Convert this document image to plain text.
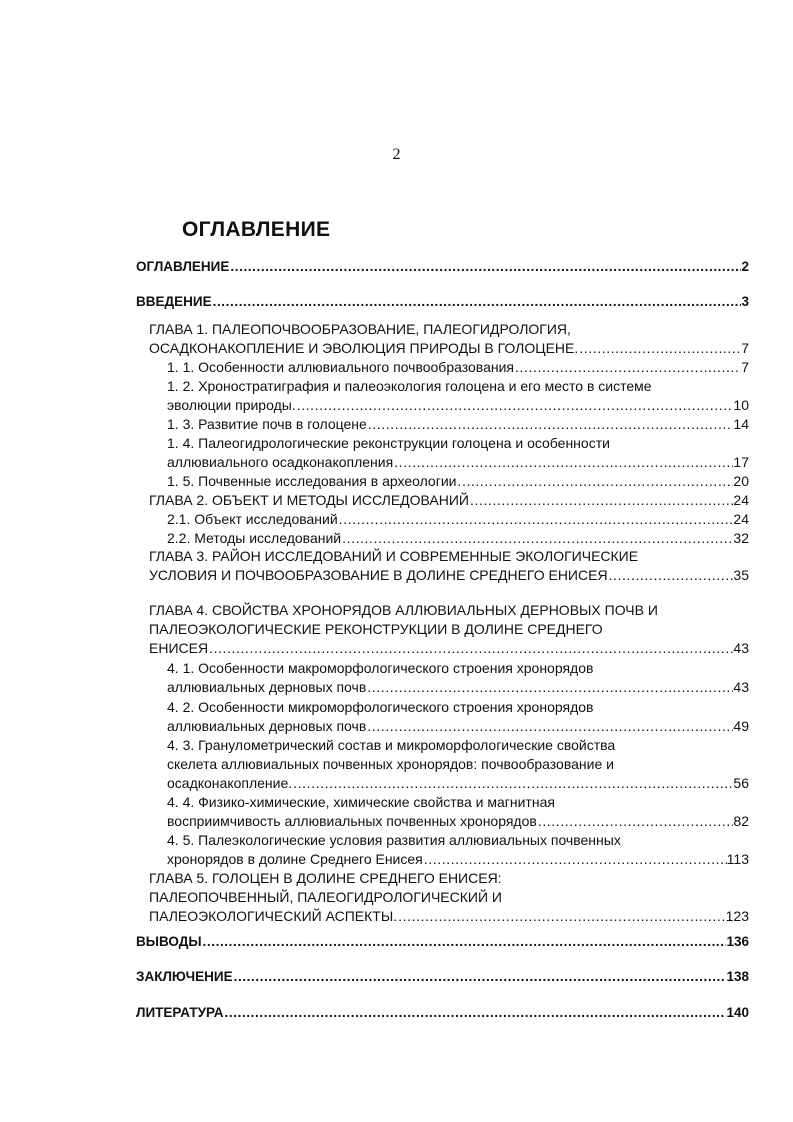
2
ОГЛАВЛЕНИЕ
ОГЛАВЛЕНИЕ .....	2
ВВЕДЕНИЕ .....	3
ГЛАВА 1. ПАЛЕОПОЧВООБРАЗОВАНИЕ, ПАЛЕОГИДРОЛОГИЯ,
ОСАДКОНАКОПЛЕНИЕ И ЭВОЛЮЦИЯ ПРИРОДЫ В ГОЛОЦЕНЕ. .....	7
1. 1. Особенности аллювиального почвообразования .....	7
1. 2. Хроностратиграфия и палеоэкология голоцена и его место в системе
эволюции природы. .....	10
1. 3. Развитие почв в голоцене .....	14
1. 4. Палеогидрологические реконструкции голоцена и особенности
аллювиального осадконакопления .....	17
1. 5. Почвенные исследования в археологии .....	20
ГЛАВА 2. ОБЪЕКТ И МЕТОДЫ ИССЛЕДОВАНИЙ .....	24
2.1. Объект исследований .....	24
2.2. Методы исследований .....	32
ГЛАВА 3. РАЙОН ИССЛЕДОВАНИЙ И СОВРЕМЕННЫЕ ЭКОЛОГИЧЕСКИЕ
УСЛОВИЯ И ПОЧВООБРАЗОВАНИЕ В ДОЛИНЕ СРЕДНЕГО ЕНИСЕЯ .....	35
ГЛАВА 4. СВОЙСТВА ХРОНОРЯДОВ АЛЛЮВИАЛЬНЫХ ДЕРНОВЫХ ПОЧВ И
ПАЛЕОЭКОЛОГИЧЕСКИЕ РЕКОНСТРУКЦИИ В ДОЛИНЕ СРЕДНЕГО
ЕНИСЕЯ .....	43
4. 1. Особенности макроморфологического строения хронорядов
аллювиальных дерновых почв .....	43
4. 2. Особенности микроморфологического строения хронорядов
аллювиальных дерновых почв .....	49
4. 3. Гранулометрический состав и микроморфологические свойства
скелета аллювиальных почвенных хронорядов: почвообразование и
осадконакопление. .....	56
4. 4. Физико-химические, химические свойства и магнитная
восприимчивость аллювиальных почвенных хронорядов .....	82
4. 5. Палеэкологические условия развития аллювиальных почвенных
хронорядов в долине Среднего Енисея .....	113
ГЛАВА 5. ГОЛОЦЕН В ДОЛИНЕ СРЕДНЕГО ЕНИСЕЯ:
ПАЛЕОПОЧВЕННЫЙ, ПАЛЕОГИДРОЛОГИЧЕСКИЙ И
ПАЛЕОЭКОЛОГИЧЕСКИЙ АСПЕКТЫ. .....	123
ВЫВОДЫ .....	136
ЗАКЛЮЧЕНИЕ .....	138
ЛИТЕРАТУРА .....	140
